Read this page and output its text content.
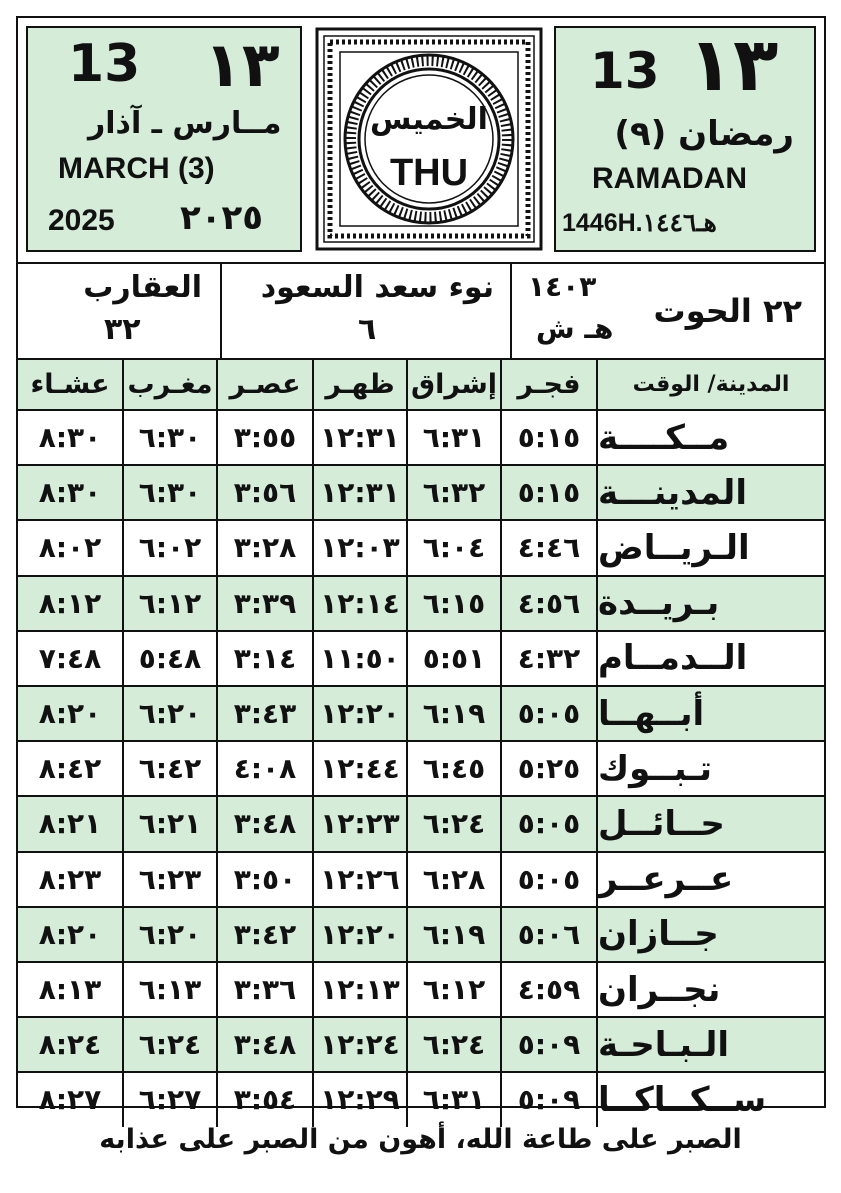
13 ١٣
مــارس ـ آذار
MARCH (3)
2025 ٢٠٢٥
الخميس
THU
13 ١٣
رمضان (٩)
RAMADAN
1446H.هـ١٤٤٦
العقارب
٣٢
نوء سعد السعود
٦
١٤٠٣
هـ ش ٢٢ الحوت
عشـاء مغـرب عصـر ظهـر إشراق فجـر	المدينة/ الوقت
٨:٣٠	٦:٣٠	٣:٥٥ ١٢:٣١ ٦:٣١	٥:١٥ مــكــــة
٨:٣٠	٦:٣٠	٣:٥٦ ١٢:٣١ ٦:٣٢	٥:١٥ المدينـــة
٨:٠٢	٦:٠٢	٣:٢٨ ١٢:٠٣ ٦:٠٤	٤:٤٦ الـريــاض
٨:١٢	٦:١٢	٣:٣٩ ١٢:١٤ ٦:١٥	٤:٥٦ بـريــدة
٧:٤٨	٥:٤٨	٣:١٤ ١١:٥٠ ٥:٥١	٤:٣٢ الــدمــام
٨:٢٠	٦:٢٠	٣:٤٣ ١٢:٢٠ ٦:١٩	٥:٠٥ أبــهــا
٨:٤٢	٦:٤٢	٤:٠٨ ١٢:٤٤ ٦:٤٥	٥:٢٥ تـبــوك
٨:٢١	٦:٢١	٣:٤٨ ١٢:٢٣ ٦:٢٤	٥:٠٥ حــائــل
٨:٢٣	٦:٢٣	٣:٥٠ ١٢:٢٦ ٦:٢٨	٥:٠٥ عــرعــر
٨:٢٠	٦:٢٠	٣:٤٢ ١٢:٢٠ ٦:١٩	٥:٠٦ جــازان
٨:١٣	٦:١٣	٣:٣٦ ١٢:١٣ ٦:١٢	٤:٥٩ نجــران
٨:٢٤	٦:٢٤	٣:٤٨ ١٢:٢٤ ٦:٢٤	٥:٠٩ الـبـاحـة
٨:٢٧	٦:٢٧	٣:٥٤ ١٢:٢٩ ٦:٣١	٥:٠٩ ســكــاكــا
الصبر على طاعة الله، أهون من الصبر على عذابه
